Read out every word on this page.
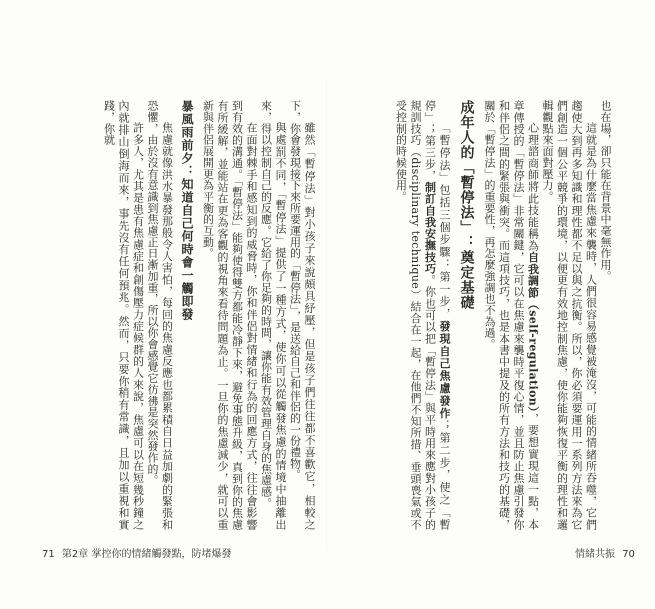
也在場，卻只能在背景中毫無作用。

這就是為什麼當焦慮來襲時，人們很容易感覺被淹沒，可能的情緒所吞噬，它們趨使大到再多知識和理性都不足以與之抗衡。所以，你必須要運用一系列方法來為它們創造一個公平競爭的環境，以便更有效地控制焦慮，使你能夠恢復平衡的理性和邏輯觀點來面對壓力。

心理諮商師將此技能稱為自我調節（self-regulation），要想實現這一點，本章傳授的「暫停法」非常關鍵，它可以在焦慮來襲時平復心情，並且防止焦慮引發你和伴侶之間的緊張與衝突。而這項技巧，也是本書中提及的所有方法和技巧的基礎，關於「暫停法」的重要性，再怎麼強調也不為過。

成年人的「暫停法」：奠定基礎

「暫停法」包括三個步驟：第一步，發現自己焦慮發作；第二步，使之「暫停」；第三步，制訂自我安撫技巧。你也可以把「暫停法」與平時用來應對小孩子的規訓技巧（disciplinary technique）結合在一起，在他們不知所措、垂頭喪氣或不受控制的時候使用。

雖然「暫停法」對小孩子來說頗具紓壓，但是孩子們往往都不喜歡它，相較之下，你會發現接下來所要運用的「暫停法」，是送給自己和伴侶的一份禮物。

與處罰不同，「暫停法」提供了一種方式，使你可以從觸發焦慮的情境中抽離出來，得以控制自己的反應。它給了你足夠的時間，讓你能有效管理自身的焦慮感。

在面對棘手和感知到的威脅時，你和伴侶對情緒和行為的回應方式，往往會影響到有效的溝通。「暫停法」能夠使得雙方都能冷靜下來，避免事態升級，真到你的焦慮有所緩解，並能站在更為客觀的視角來看待問題為止。一旦你的焦慮減少，就可以重新與伴侶展開更為平衡的互動。

暴風雨前夕：知道自己何時會一觸即發

焦慮就像洪水暴發那般令人害怕，每回的焦慮反應也都累積自日益加劇的緊張和恐懼，由於沒有意識到焦慮正日漸加重，所以你會感覺它彷彿是突然發作的。

許多人，尤其是患有焦慮症和創傷壓力症候群的人來說，焦慮可以在短幾秒鐘之內就排山倒海而來，事先沒有任何預兆。然而，只要你稍有常識，且加以重視和實踐，你就

71 第2章 掌控你的情緒觸發點，防堵爆發	情緒共振 70
